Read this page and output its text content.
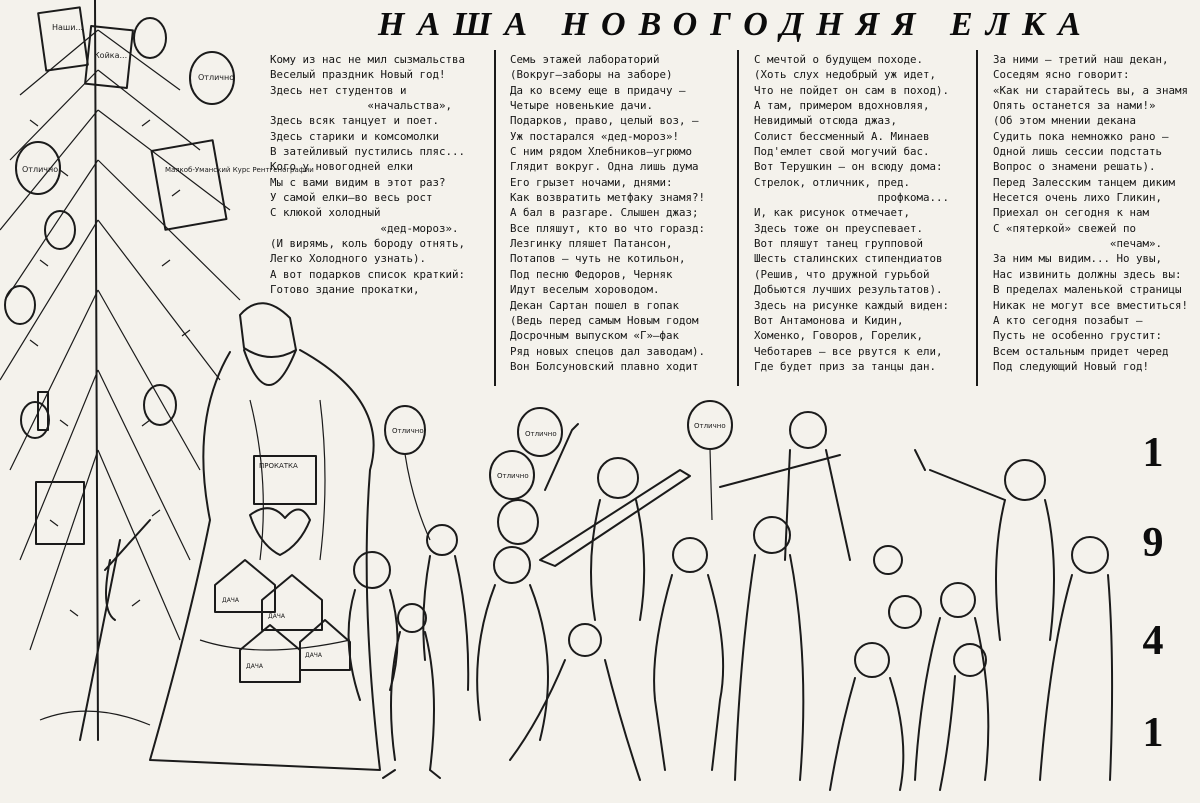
Наши...
Койка...
Маякоб-Уманский Курс Рентгенографии
Отлично
Отлично
ПРОКАТКА
ДАЧА
ДАЧА
ДАЧА
ДАЧА
Отлично	Отлично
Отлично
Отлично
НАША НОВОГОДНЯЯ ЕЛКА
Кому из нас не мил сызмальства
Веселый праздник Новый год!
Здесь нет студентов и
«начальства»,
Здесь всяк танцует и поет.
Здесь старики и комсомолки
В затейливый пустились пляс...
Кого у новогодней елки
Мы с вами видим в этот раз?
У самой елки—во весь рост
С клюкой холодный
«дед-мороз».
(И вирямь, коль бороду отнять,
Легко Холодного узнать).
А вот подарков список краткий:
Готово здание прокатки,
Семь этажей лабораторий
(Вокруг—заборы на заборе)
Да ко всему еще в придачу —
Четыре новенькие дачи.
Подарков, право, целый воз, —
Уж постарался «дед-мороз»!
С ним рядом Хлебников—угрюмо
Глядит вокруг. Одна лишь дума
Его грызет ночами, днями:
Как возвратить метфаку знамя?!
А бал в разгаре. Слышен джаз;
Все пляшут, кто во что горазд:
Лезгинку пляшет Патансон,
Потапов — чуть не котильон,
Под песню Федоров, Черняк
Идут веселым хороводом.
Декан Сартан пошел в гопак
(Ведь перед самым Новым годом
Досрочным выпуском «Г»—фак
Ряд новых спецов дал заводам).
Вон Болсуновский плавно ходит
С мечтой о будущем походе.
(Хоть слух недобрый уж идет,
Что не пойдет он сам в поход).
А там, примером вдохновляя,
Невидимый отсюда джаз,
Солист бессменный А. Минаев
Под'емлет свой могучий бас.
Вот Терушкин — он всюду дома:
Стрелок, отличник, пред.
профкома...
И, как рисунок отмечает,
Здесь тоже он преуспевает.
Вот пляшут танец групповой
Шесть сталинских стипендиатов
(Решив, что дружной гурьбой
Добьются лучших результатов).
Здесь на рисунке каждый виден:
Вот Антамонова и Кидин,
Хоменко, Говоров, Горелик,
Чеботарев — все рвутся к ели,
Где будет приз за танцы дан.
За ними — третий наш декан,
Соседям ясно говорит:
«Как ни старайтесь вы, а знамя
Опять останется за нами!»
(Об этом мнении декана
Судить пока немножко рано —
Одной лишь сессии подстать
Вопрос о знамени решать).
Перед Залесским танцем диким
Несется очень лихо Гликин,
Приехал он сегодня к нам
С «пятеркой» свежей по
«печам».
За ним мы видим... Но увы,
Нас извинить должны здесь вы:
В пределах маленькой страницы
Никак не могут все вместиться!
А кто сегодня позабыт —
Пусть не особенно грустит:
Всем остальным придет черед
Под следующий Новый год!
1
9
4
1
